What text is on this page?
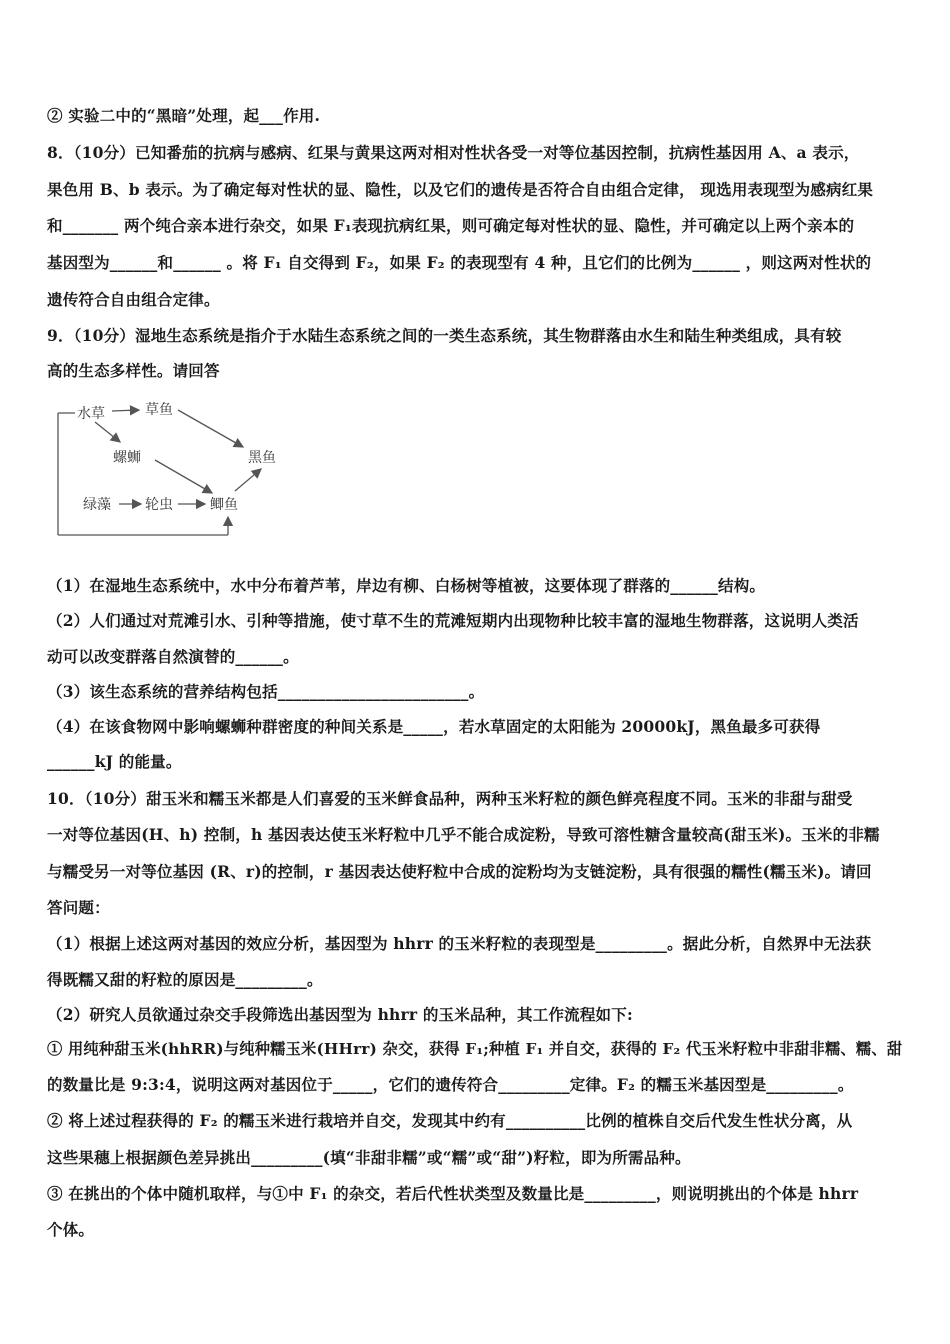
② 实验二中的“黑暗”处理，起___作用.
8．（10分）已知番茄的抗病与感病、红果与黄果这两对相对性状各受一对等位基因控制，抗病性基因用 A、a 表示，
果色用 B、b 表示。为了确定每对性状的显、隐性，以及它们的遗传是否符合自由组合定律， 现选用表现型为感病红果
和_______ 两个纯合亲本进行杂交，如果 F₁表现抗病红果，则可确定每对性状的显、隐性，并可确定以上两个亲本的
基因型为______和______ 。将 F₁ 自交得到 F₂，如果 F₂ 的表现型有 4 种，且它们的比例为______ ，则这两对性状的
遗传符合自由组合定律。
9．（10分）湿地生态系统是指介于水陆生态系统之间的一类生态系统，其生物群落由水生和陆生种类组成，具有较
高的生态多样性。请回答
水草	草鱼
螺蛳	黑鱼
绿藻 轮虫	鲫鱼
（1）在湿地生态系统中，水中分布着芦苇，岸边有柳、白杨树等植被，这要体现了群落的______结构。
（2）人们通过对荒滩引水、引种等措施，使寸草不生的荒滩短期内出现物种比较丰富的湿地生物群落，这说明人类活
动可以改变群落自然演替的______。
（3）该生态系统的营养结构包括________________________。
（4）在该食物网中影响螺蛳种群密度的种间关系是_____，若水草固定的太阳能为 20000kJ，黑鱼最多可获得
______kJ 的能量。
10．（10分）甜玉米和糯玉米都是人们喜爱的玉米鲜食品种，两种玉米籽粒的颜色鲜亮程度不同。玉米的非甜与甜受
一对等位基因(H、h) 控制，h 基因表达使玉米籽粒中几乎不能合成淀粉，导致可溶性糖含量较高(甜玉米)。玉米的非糯
与糯受另一对等位基因 (R、r)的控制，r 基因表达使籽粒中合成的淀粉均为支链淀粉，具有很强的糯性(糯玉米)。请回
答问题：
（1）根据上述这两对基因的效应分析，基因型为 hhrr 的玉米籽粒的表现型是_________。据此分析，自然界中无法获
得既糯又甜的籽粒的原因是_________。
（2）研究人员欲通过杂交手段筛选出基因型为 hhrr 的玉米品种，其工作流程如下:
① 用纯种甜玉米(hhRR)与纯种糯玉米(HHrr) 杂交，获得 F₁;种植 F₁ 并自交，获得的 F₂ 代玉米籽粒中非甜非糯、糯、甜
的数量比是 9:3:4，说明这两对基因位于_____，它们的遗传符合_________定律。F₂ 的糯玉米基因型是_________。
② 将上述过程获得的 F₂ 的糯玉米进行栽培并自交，发现其中约有__________比例的植株自交后代发生性状分离，从
这些果穗上根据颜色差异挑出_________(填“非甜非糯”或“糯”或“甜”)籽粒，即为所需品种。
③ 在挑出的个体中随机取样，与①中 F₁ 的杂交，若后代性状类型及数量比是_________，则说明挑出的个体是 hhrr
个体。
